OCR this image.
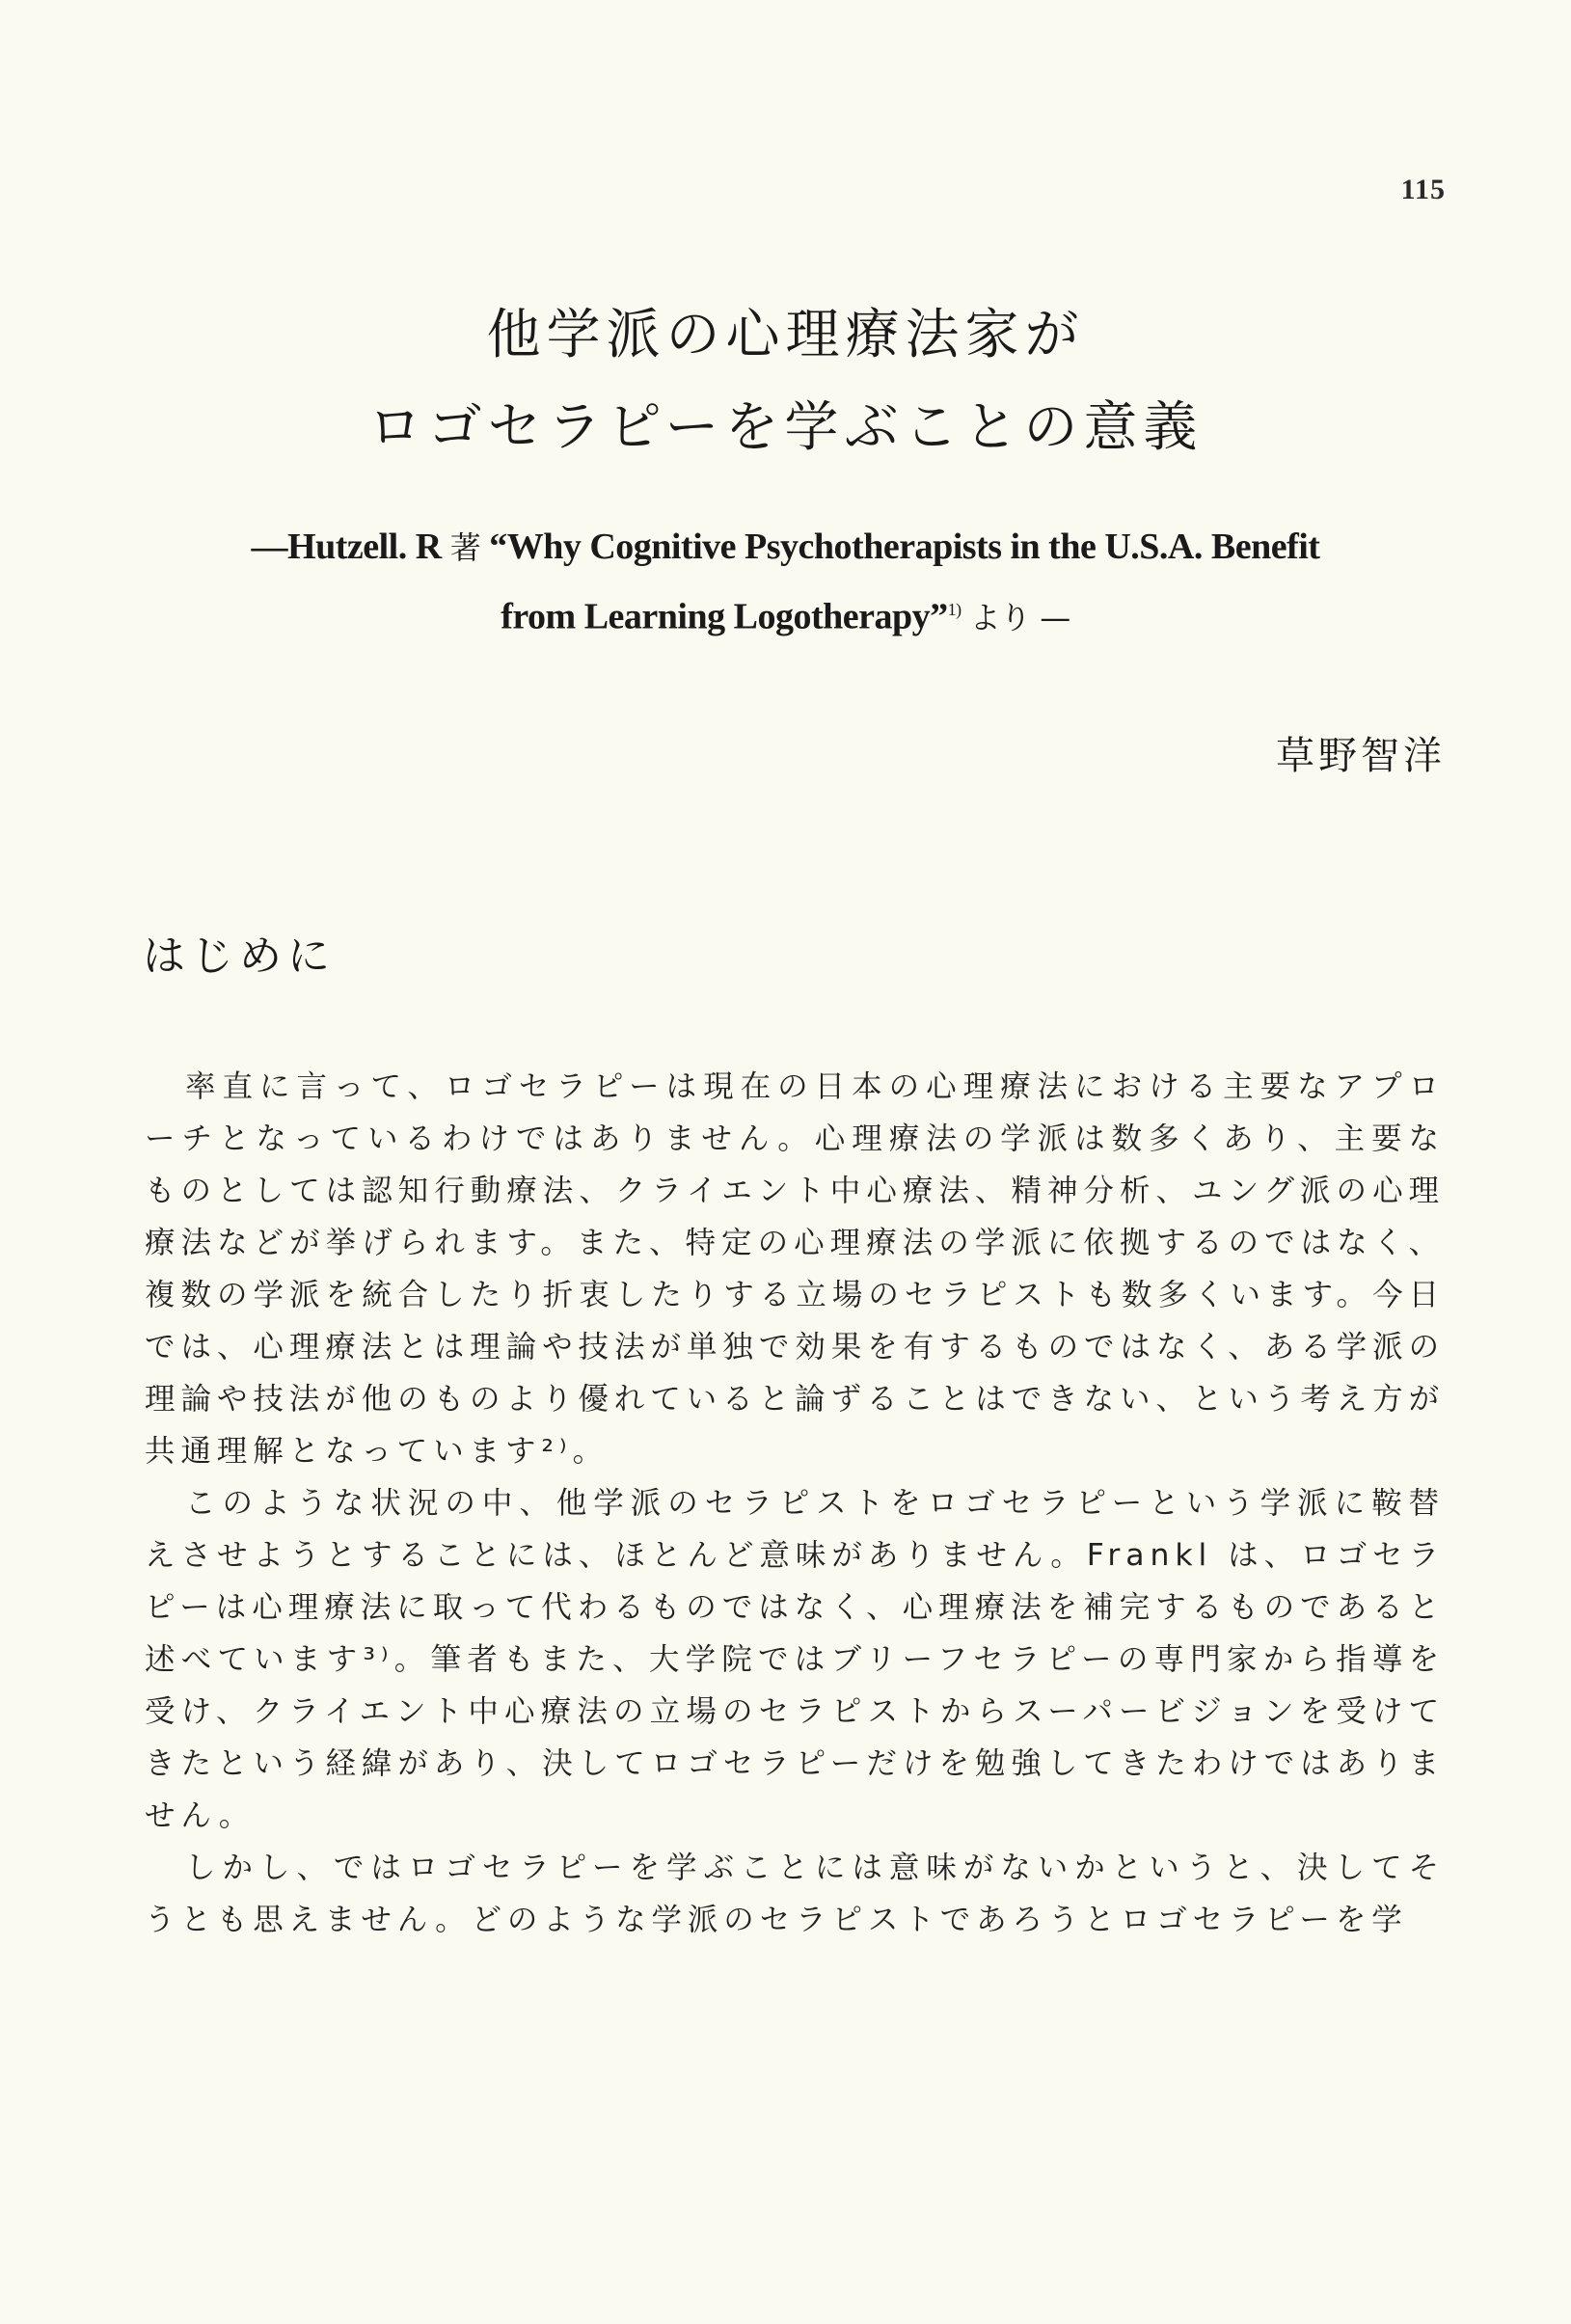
115
他学派の心理療法家が
ロゴセラピーを学ぶことの意義
—Hutzell. R 著 “Why Cognitive Psychotherapists in the U.S.A. Benefit
from Learning Logotherapy”$^{1)}$ より —
草野智洋
はじめに

率直に言って、ロゴセラピーは現在の日本の心理療法における主要なアプローチとなっているわけではありません。心理療法の学派は数多くあり、主要なものとしては認知行動療法、クライエント中心療法、精神分析、ユング派の心理療法などが挙げられます。また、特定の心理療法の学派に依拠するのではなく、複数の学派を統合したり折衷したりする立場のセラピストも数多くいます。今日では、心理療法とは理論や技法が単独で効果を有するものではなく、ある学派の理論や技法が他のものより優れていると論ずることはできない、という考え方が共通理解となっています²⁾。

このような状況の中、他学派のセラピストをロゴセラピーという学派に鞍替えさせようとすることには、ほとんど意味がありません。Frankl は、ロゴセラピーは心理療法に取って代わるものではなく、心理療法を補完するものであると述べています³⁾。筆者もまた、大学院ではブリーフセラピーの専門家から指導を受け、クライエント中心療法の立場のセラピストからスーパービジョンを受けてきたという経緯があり、決してロゴセラピーだけを勉強してきたわけではありません。

しかし、ではロゴセラピーを学ぶことには意味がないかというと、決してそうとも思えません。どのような学派のセラピストであろうとロゴセラピーを学
